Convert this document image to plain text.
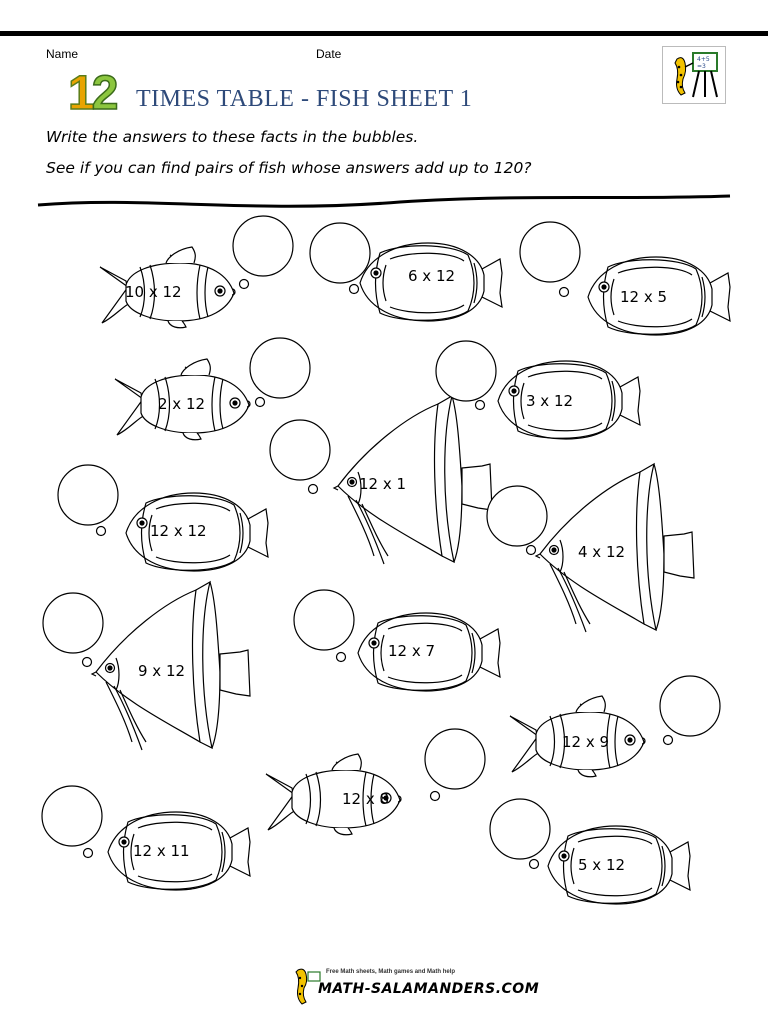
Name	Date
12 TIMES TABLE - FISH SHEET 1
4+5
=3
Write the answers to these facts in the bubbles.
See if you can find pairs of fish whose answers add up to 120?
10 x 12
6 x 12
12 x 5
2 x 12	3 x 12
12 x 1
12 x 12
4 x 12
9 x 12
12 x 7
12 x 9
12 x 8
12 x 11
5 x 12
Free Math sheets, Math games and Math help
MATH-SALAMANDERS.COM
